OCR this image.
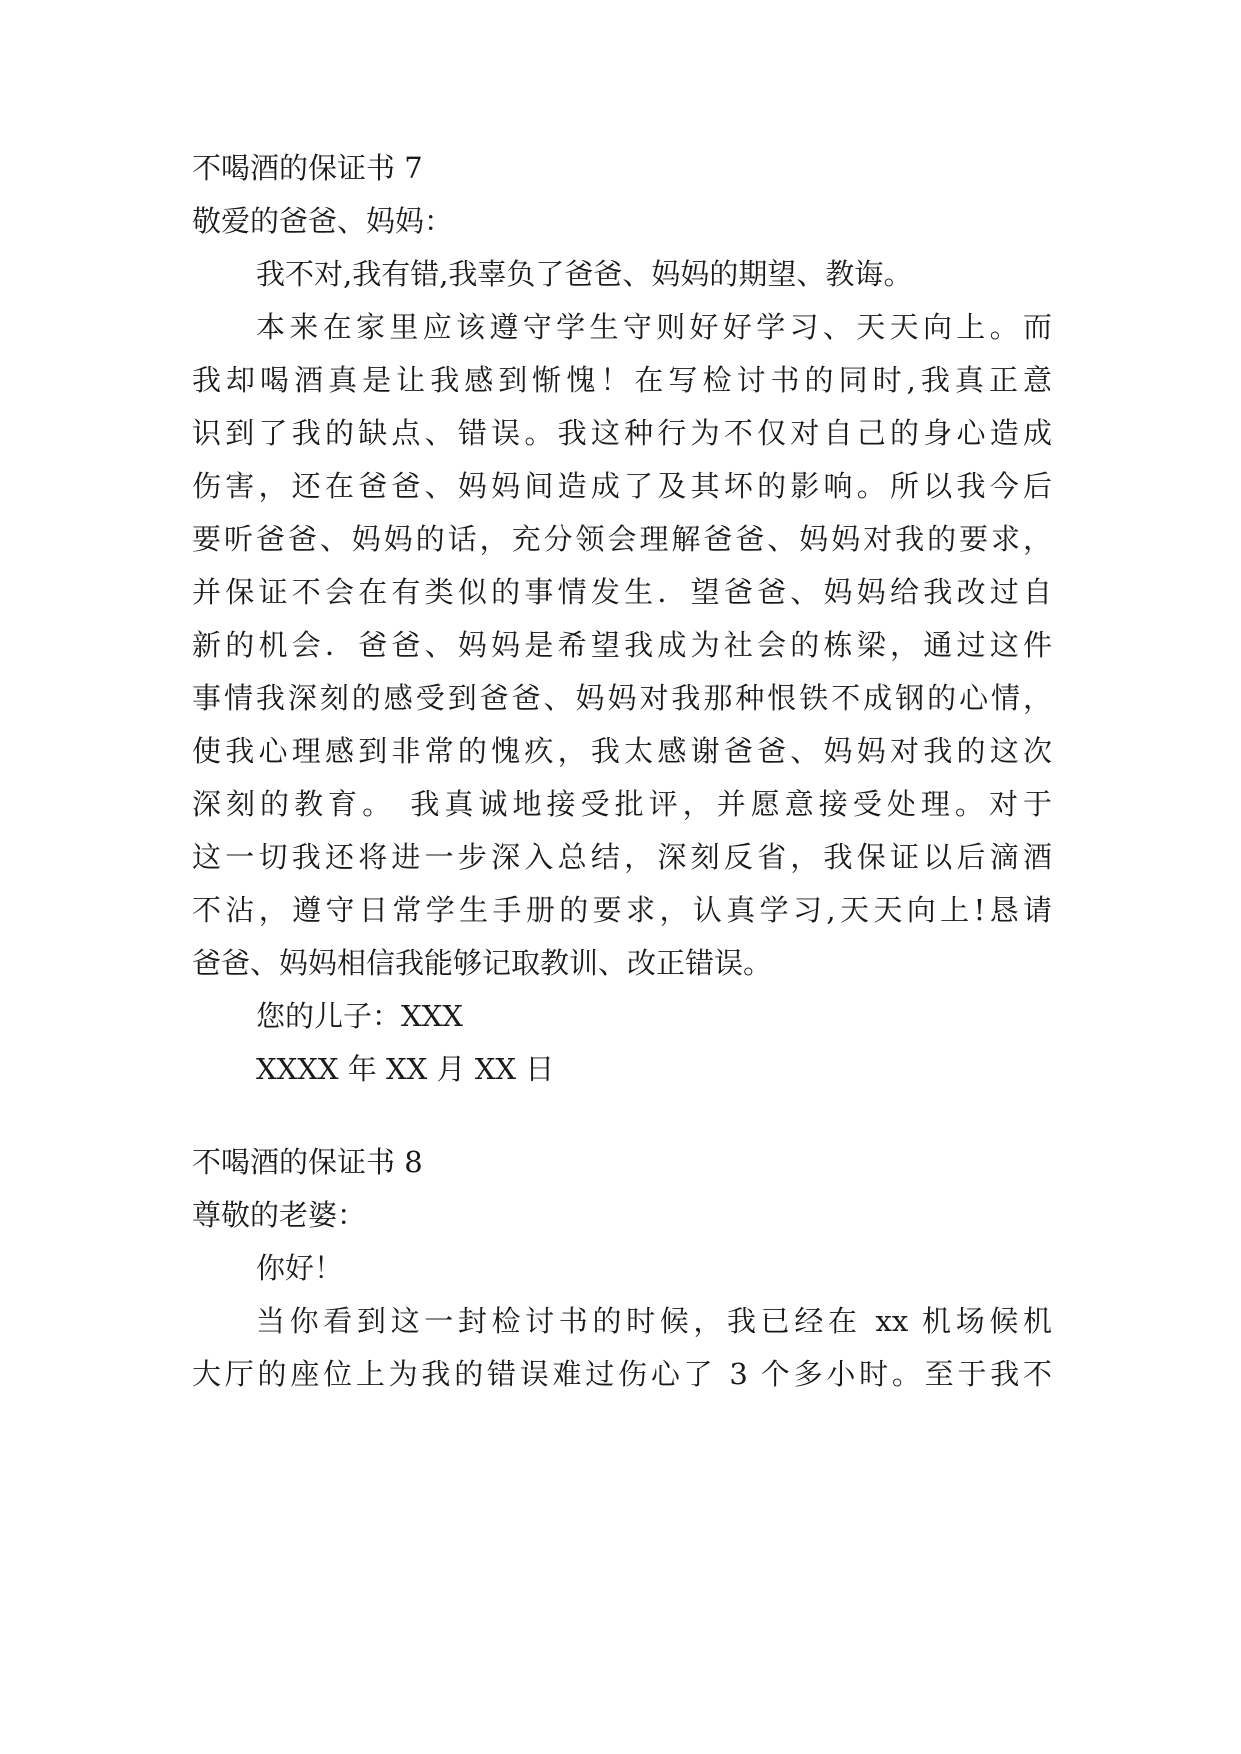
不喝酒的保证书 7
敬爱的爸爸、妈妈：
我不对,我有错,我辜负了爸爸、妈妈的期望、教诲。
本来在家里应该遵守学生守则好好学习、天天向上。而
我却喝酒真是让我感到惭愧！在写检讨书的同时,我真正意
识到了我的缺点、错误。我这种行为不仅对自己的身心造成
伤害，还在爸爸、妈妈间造成了及其坏的影响。所以我今后
要听爸爸、妈妈的话，充分领会理解爸爸、妈妈对我的要求，
并保证不会在有类似的事情发生．望爸爸、妈妈给我改过自
新的机会．爸爸、妈妈是希望我成为社会的栋梁，通过这件
事情我深刻的感受到爸爸、妈妈对我那种恨铁不成钢的心情，
使我心理感到非常的愧疚，我太感谢爸爸、妈妈对我的这次
深刻的教育。 我真诚地接受批评，并愿意接受处理。对于
这一切我还将进一步深入总结，深刻反省，我保证以后滴酒
不沾，遵守日常学生手册的要求，认真学习,天天向上!恳请
爸爸、妈妈相信我能够记取教训、改正错误。
您的儿子：XXX
XXXX 年 XX 月 XX 日
不喝酒的保证书 8
尊敬的老婆：
你好！
当你看到这一封检讨书的时候，我已经在 xx 机场候机
大厅的座位上为我的错误难过伤心了 3 个多小时。至于我不
